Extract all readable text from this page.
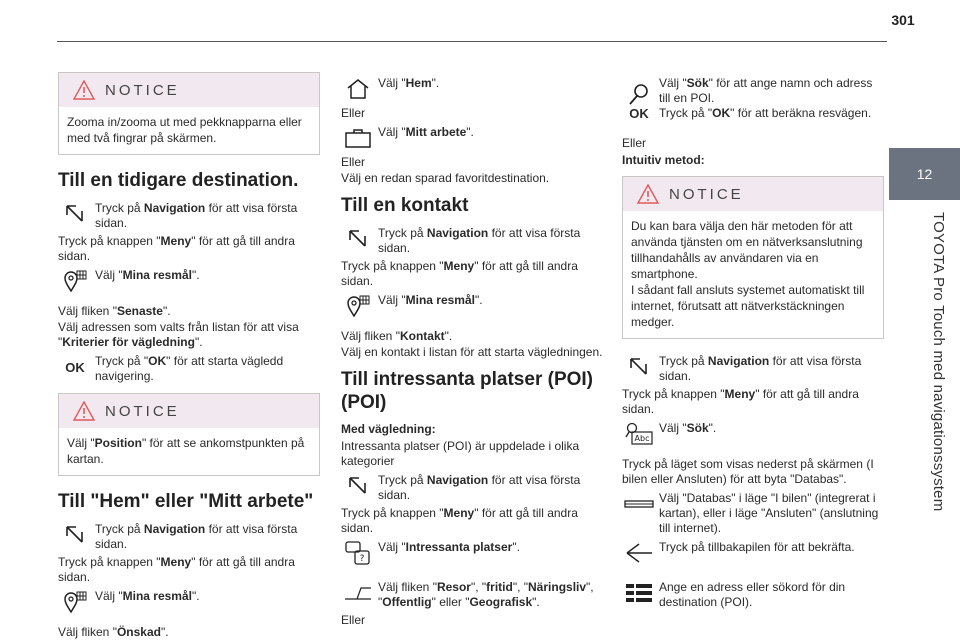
301
12
TOYOTA Pro Touch med navigationssystem
NOTICE
Zooma in/zooma ut med pekknapparna eller med två fingrar på skärmen.
Till en tidigare destination.
Tryck på Navigation för att visa första sidan.
Tryck på knappen "Meny" för att gå till andra sidan.
Välj "Mina resmål".
Välj fliken "Senaste".
Välj adressen som valts från listan för att visa "Kriterier för vägledning".
OK Tryck på "OK" för att starta vägledd navigering.
NOTICE
Välj "Position" för att se ankomstpunkten på kartan.
Till "Hem" eller "Mitt arbete"
Tryck på Navigation för att visa första sidan.
Tryck på knappen "Meny" för att gå till andra sidan.
Välj "Mina resmål".
Välj fliken "Önskad".
Välj "Hem".
Eller
Välj "Mitt arbete".
Eller
Välj en redan sparad favoritdestination.
Till en kontakt
Tryck på Navigation för att visa första sidan.
Tryck på knappen "Meny" för att gå till andra sidan.
Välj "Mina resmål".
Välj fliken "Kontakt".
Välj en kontakt i listan för att starta vägledningen.
Till intressanta platser (POI) (POI)
Med vägledning:
Intressanta platser (POI) är uppdelade i olika kategorier
Tryck på Navigation för att visa första sidan.
Tryck på knappen "Meny" för att gå till andra sidan.
?
Välj "Intressanta platser".
Välj fliken "Resor", "fritid", "Näringsliv", "Offentlig" eller "Geografisk".
Eller
OK
Välj "Sök" för att ange namn och adress till en POI.
Tryck på "OK" för att beräkna resvägen.
Eller
Intuitiv metod:
NOTICE
Du kan bara välja den här metoden för att använda tjänsten om en nätverksanslutning tillhandahålls av användaren via en smartphone.
I sådant fall ansluts systemet automatiskt till internet, förutsatt att nätverkstäckningen medger.
Tryck på Navigation för att visa första sidan.
Tryck på knappen "Meny" för att gå till andra sidan.
Abc
Välj "Sök".
Tryck på läget som visas nederst på skärmen (I bilen eller Ansluten) för att byta "Databas".
Välj "Databas" i läge "I bilen" (integrerat i kartan), eller i läge "Ansluten" (anslutning till internet).
Tryck på tillbakapilen för att bekräfta.
Ange en adress eller sökord för din destination (POI).
